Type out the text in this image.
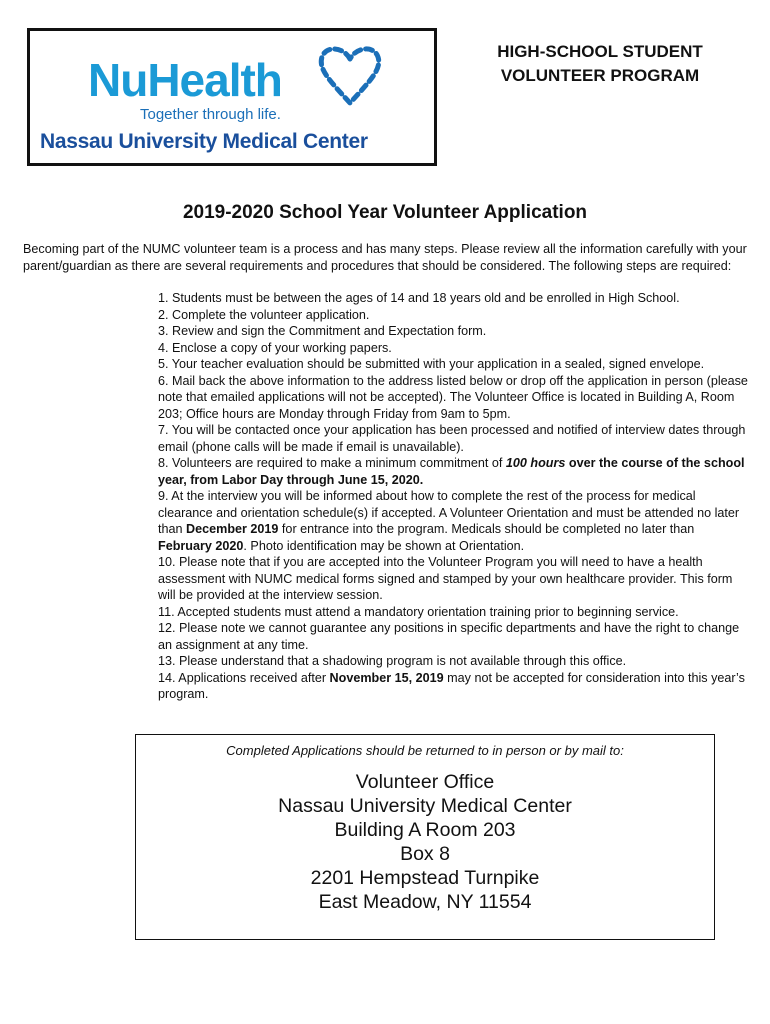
NuHealth
Together through life.
Nassau University Medical Center
HIGH-SCHOOL STUDENT
VOLUNTEER PROGRAM
2019-2020 School Year Volunteer Application
Becoming part of the NUMC volunteer team is a process and has many steps. Please review all the information carefully with your parent/guardian as there are several requirements and procedures that should be considered. The following steps are required:
1. Students must be between the ages of 14 and 18 years old and be enrolled in High School.
2. Complete the volunteer application.
3. Review and sign the Commitment and Expectation form.
4. Enclose a copy of your working papers.
5. Your teacher evaluation should be submitted with your application in a sealed, signed envelope.
6. Mail back the above information to the address listed below or drop off the application in person (please note that emailed applications will not be accepted). The Volunteer Office is located in Building A, Room 203; Office hours are Monday through Friday from 9am to 5pm.
7. You will be contacted once your application has been processed and notified of interview dates through email (phone calls will be made if email is unavailable).
8. Volunteers are required to make a minimum commitment of 100 hours over the course of the school year, from Labor Day through June 15, 2020.
9. At the interview you will be informed about how to complete the rest of the process for medical clearance and orientation schedule(s) if accepted. A Volunteer Orientation and must be attended no later than December 2019 for entrance into the program. Medicals should be completed no later than February 2020. Photo identification may be shown at Orientation.
10. Please note that if you are accepted into the Volunteer Program you will need to have a health assessment with NUMC medical forms signed and stamped by your own healthcare provider. This form will be provided at the interview session.
11. Accepted students must attend a mandatory orientation training prior to beginning service.
12. Please note we cannot guarantee any positions in specific departments and have the right to change an assignment at any time.
13. Please understand that a shadowing program is not available through this office.
14. Applications received after November 15, 2019 may not be accepted for consideration into this year’s program.
Completed Applications should be returned to in person or by mail to:
Volunteer Office
Nassau University Medical Center
Building A Room 203
Box 8
2201 Hempstead Turnpike
East Meadow, NY 11554
